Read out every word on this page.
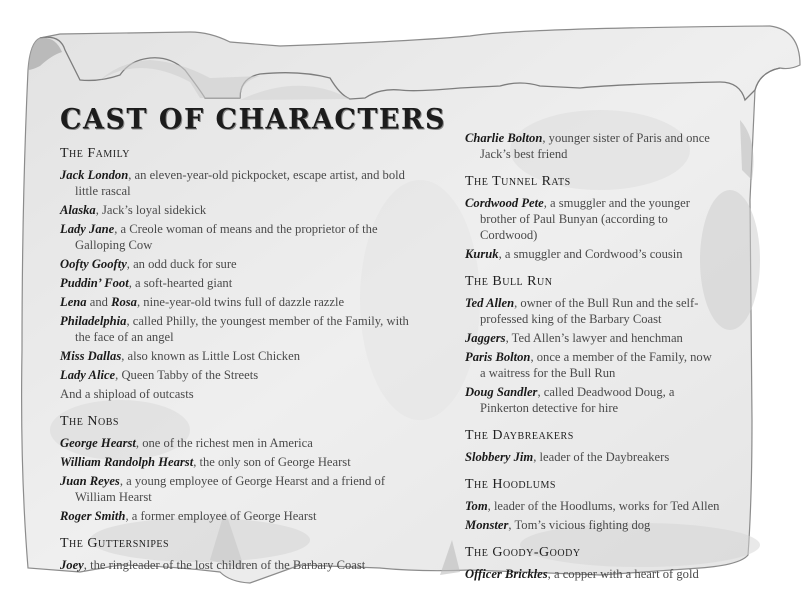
CAST OF CHARACTERS
The Family

Jack London, an eleven-year-old pickpocket, escape artist, and bold little rascal

Alaska, Jack’s loyal sidekick

Lady Jane, a Creole woman of means and the proprietor of the Galloping Cow

Oofty Goofty, an odd duck for sure

Puddin’ Foot, a soft-hearted giant

Lena and Rosa, nine-year-old twins full of dazzle razzle

Philadelphia, called Philly, the youngest member of the Family, with the face of an angel

Miss Dallas, also known as Little Lost Chicken

Lady Alice, Queen Tabby of the Streets

And a shipload of outcasts

The Nobs

George Hearst, one of the richest men in America

William Randolph Hearst, the only son of George Hearst

Juan Reyes, a young employee of George Hearst and a friend of William Hearst

Roger Smith, a former employee of George Hearst

The Guttersnipes

Joey, the ringleader of the lost children of the Barbary Coast

Charlie Bolton, younger sister of Paris and once Jack’s best friend

The Tunnel Rats

Cordwood Pete, a smuggler and the younger brother of Paul Bunyan (according to Cordwood)

Kuruk, a smuggler and Cordwood’s cousin

The Bull Run

Ted Allen, owner of the Bull Run and the self-professed king of the Barbary Coast

Jaggers, Ted Allen’s lawyer and henchman

Paris Bolton, once a member of the Family, now a waitress for the Bull Run

Doug Sandler, called Deadwood Doug, a Pinkerton detective for hire

The Daybreakers

Slobbery Jim, leader of the Daybreakers

The Hoodlums

Tom, leader of the Hoodlums, works for Ted Allen

Monster, Tom’s vicious fighting dog

The Goody-Goody

Officer Brickles, a copper with a heart of gold
